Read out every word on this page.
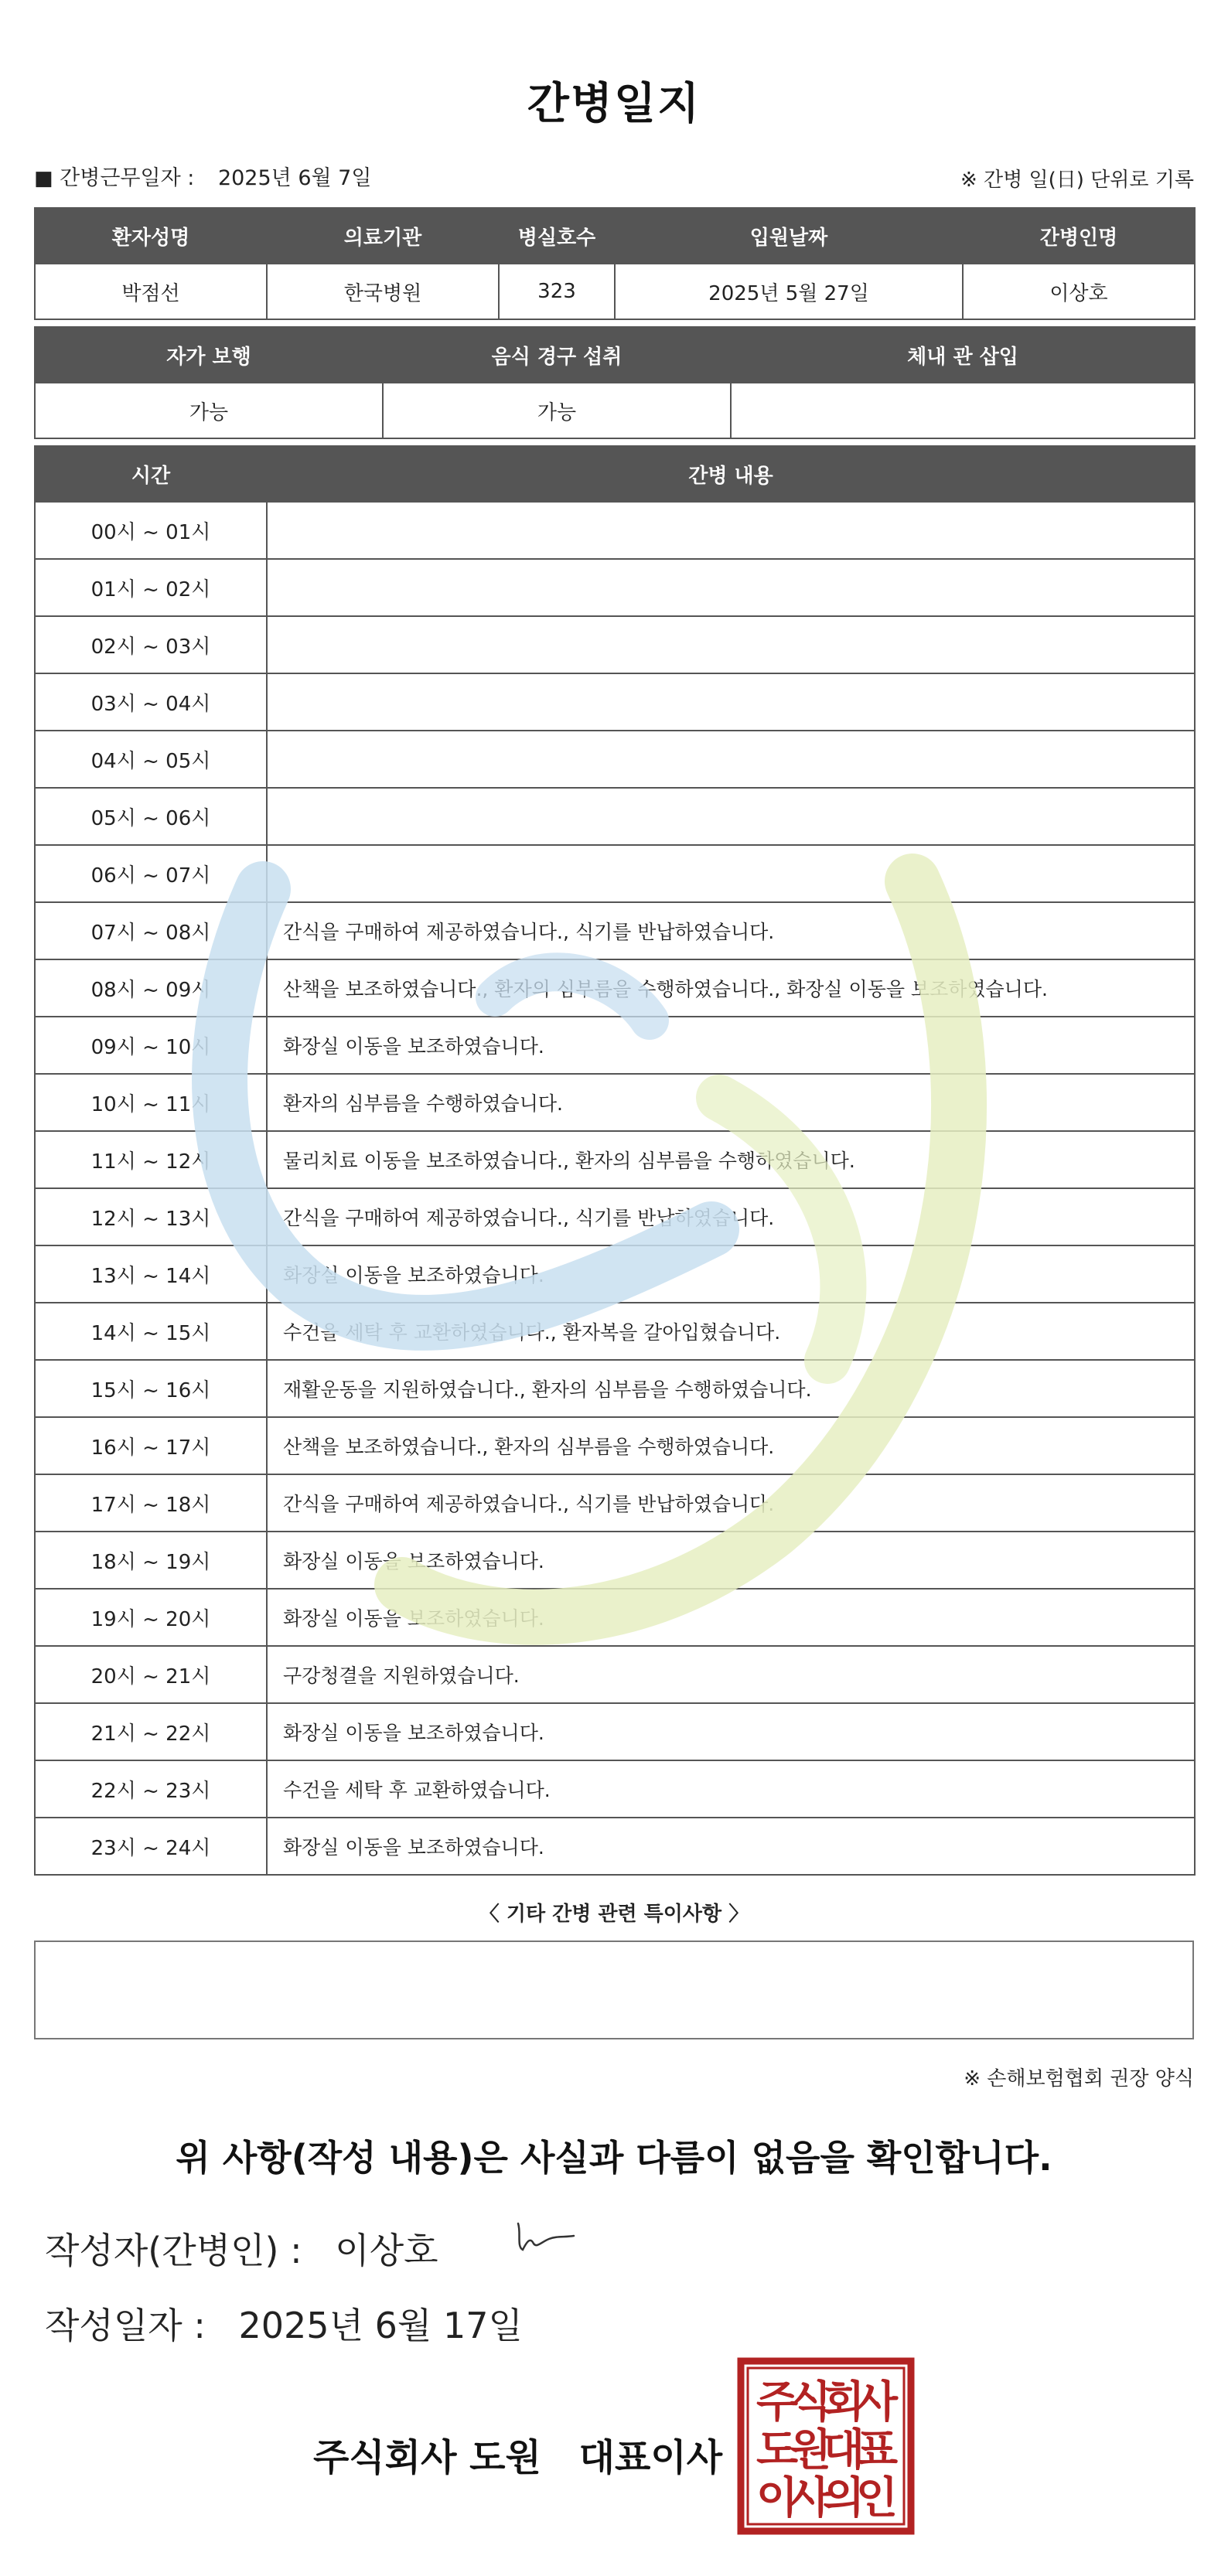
간병일지
■ 간병근무일자 : 2025년 6월 7일	※ 간병 일(日) 단위로 기록
환자성명	의료기관	병실호수	입원날짜	간병인명
박점선	한국병원	323	2025년 5월 27일	이상호
자가 보행	음식 경구 섭취	체내 관 삽입
가능	가능	
시간	간병 내용
00시 ~ 01시	
01시 ~ 02시	
02시 ~ 03시	
03시 ~ 04시	
04시 ~ 05시	
05시 ~ 06시	
06시 ~ 07시	
07시 ~ 08시	간식을 구매하여 제공하였습니다., 식기를 반납하였습니다.
08시 ~ 09시	산책을 보조하였습니다., 환자의 심부름을 수행하였습니다., 화장실 이동을 보조하였습니다.
09시 ~ 10시	화장실 이동을 보조하였습니다.
10시 ~ 11시	환자의 심부름을 수행하였습니다.
11시 ~ 12시	물리치료 이동을 보조하였습니다., 환자의 심부름을 수행하였습니다.
12시 ~ 13시	간식을 구매하여 제공하였습니다., 식기를 반납하였습니다.
13시 ~ 14시	화장실 이동을 보조하였습니다.
14시 ~ 15시	수건을 세탁 후 교환하였습니다., 환자복을 갈아입혔습니다.
15시 ~ 16시	재활운동을 지원하였습니다., 환자의 심부름을 수행하였습니다.
16시 ~ 17시	산책을 보조하였습니다., 환자의 심부름을 수행하였습니다.
17시 ~ 18시	간식을 구매하여 제공하였습니다., 식기를 반납하였습니다.
18시 ~ 19시	화장실 이동을 보조하였습니다.
19시 ~ 20시	화장실 이동을 보조하였습니다.
20시 ~ 21시	구강청결을 지원하였습니다.
21시 ~ 22시	화장실 이동을 보조하였습니다.
22시 ~ 23시	수건을 세탁 후 교환하였습니다.
23시 ~ 24시	화장실 이동을 보조하였습니다.
〈 기타 간병 관련 특이사항 〉
※ 손해보험협회 권장 양식
위 사항(작성 내용)은 사실과 다름이 없음을 확인합니다.
작성자(간병인) : 이상호
작성일자 : 2025년 6월 17일
주식회사 도원 대표이사
주
식
회
사
도
원
대
표
이
사
의
인
